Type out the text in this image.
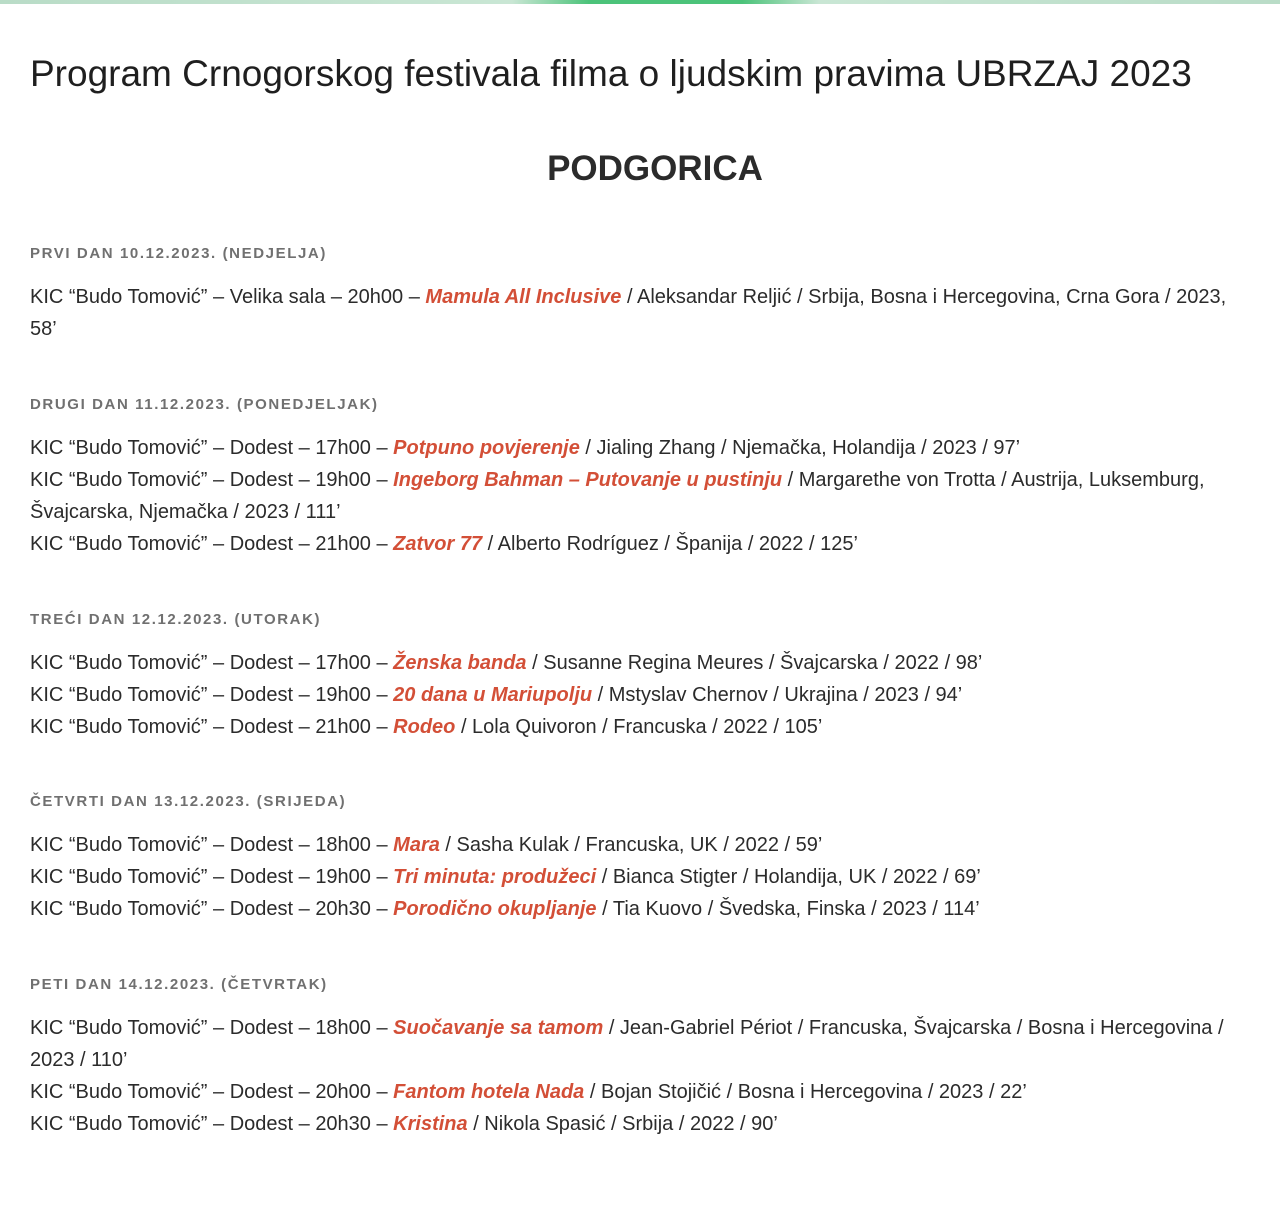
Program Crnogorskog festivala filma o ljudskim pravima UBRZAJ 2023
PODGORICA
PRVI DAN 10.12.2023. (NEDJELJA)
KIC “Budo Tomović” – Velika sala – 20h00 – Mamula All Inclusive / Aleksandar Reljić / Srbija, Bosna i Hercegovina, Crna Gora / 2023, 58’
DRUGI DAN 11.12.2023. (PONEDJELJAK)
KIC “Budo Tomović” – Dodest – 17h00 – Potpuno povjerenje / Jialing Zhang / Njemačka, Holandija / 2023 / 97’
KIC “Budo Tomović” – Dodest – 19h00 – Ingeborg Bahman – Putovanje u pustinju / Margarethe von Trotta / Austrija, Luksemburg, Švajcarska, Njemačka / 2023 / 111’
KIC “Budo Tomović” – Dodest – 21h00 – Zatvor 77 / Alberto Rodríguez / Španija / 2022 / 125’
TREĆI DAN 12.12.2023. (UTORAK)
KIC “Budo Tomović” – Dodest – 17h00 – Ženska banda / Susanne Regina Meures / Švajcarska / 2022 / 98’
KIC “Budo Tomović” – Dodest – 19h00 – 20 dana u Mariupolju / Mstyslav Chernov / Ukrajina / 2023 / 94’
KIC “Budo Tomović” – Dodest – 21h00 – Rodeo / Lola Quivoron / Francuska / 2022 / 105’
ČETVRTI DAN 13.12.2023. (SRIJEDA)
KIC “Budo Tomović” – Dodest – 18h00 – Mara / Sasha Kulak / Francuska, UK / 2022 / 59’
KIC “Budo Tomović” – Dodest – 19h00 – Tri minuta: produžeci / Bianca Stigter / Holandija, UK / 2022 / 69’
KIC “Budo Tomović” – Dodest – 20h30 – Porodično okupljanje / Tia Kuovo / Švedska, Finska / 2023 / 114’
PETI DAN 14.12.2023. (ČETVRTAK)
KIC “Budo Tomović” – Dodest – 18h00 – Suočavanje sa tamom / Jean-Gabriel Périot / Francuska, Švajcarska / Bosna i Hercegovina / 2023 / 110’
KIC “Budo Tomović” – Dodest – 20h00 – Fantom hotela Nada / Bojan Stojičić / Bosna i Hercegovina / 2023 / 22’
KIC “Budo Tomović” – Dodest – 20h30 – Kristina / Nikola Spasić / Srbija / 2022 / 90’
